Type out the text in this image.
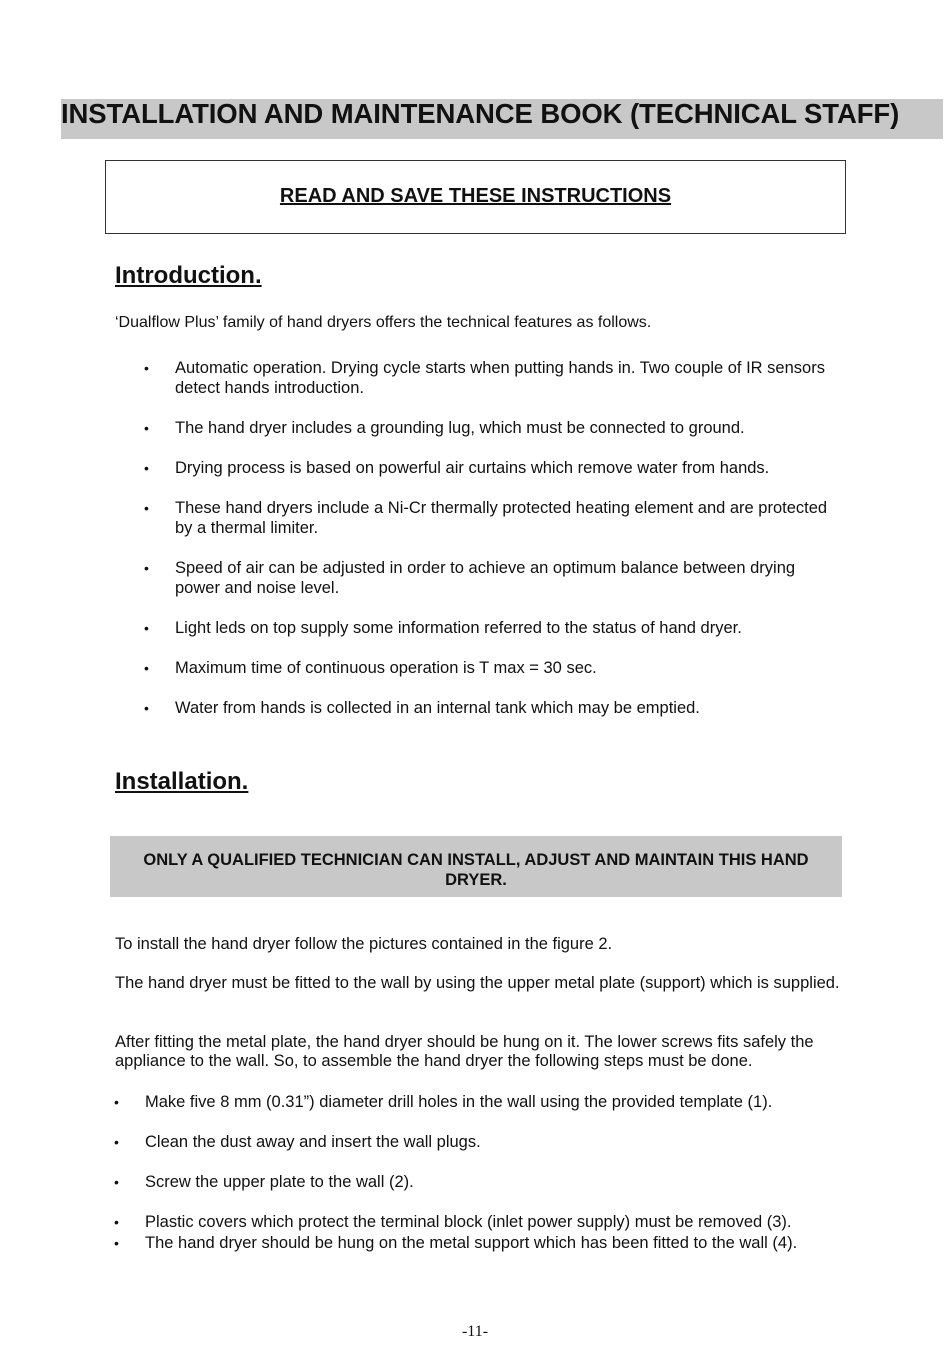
INSTALLATION AND MAINTENANCE BOOK (TECHNICAL STAFF)
READ AND SAVE THESE INSTRUCTIONS
Introduction.
‘Dualflow Plus’ family of hand dryers offers the technical features as follows.
• Automatic operation. Drying cycle starts when putting hands in. Two couple of IR sensors detect hands introduction.
• The hand dryer includes a grounding lug, which must be connected to ground.
• Drying process is based on powerful air curtains which remove water from hands.
• These hand dryers include a Ni-Cr thermally protected heating element and are protected by a thermal limiter.
• Speed of air can be adjusted in order to achieve an optimum balance between drying power and noise level.
• Light leds on top supply some information referred to the status of hand dryer.
• Maximum time of continuous operation is T max = 30 sec.
• Water from hands is collected in an internal tank which may be emptied.
Installation.
ONLY A QUALIFIED TECHNICIAN CAN INSTALL, ADJUST AND MAINTAIN THIS HAND DRYER.

To install the hand dryer follow the pictures contained in the figure 2.

The hand dryer must be fitted to the wall by using the upper metal plate (support) which is supplied.

After fitting the metal plate, the hand dryer should be hung on it. The lower screws fits safely the appliance to the wall. So, to assemble the hand dryer the following steps must be done.

• Make five 8 mm (0.31”) diameter drill holes in the wall using the provided template (1).
• Clean the dust away and insert the wall plugs.
• Screw the upper plate to the wall (2).
• Plastic covers which protect the terminal block (inlet power supply) must be removed (3).
• The hand dryer should be hung on the metal support which has been fitted to the wall (4).
-11-
